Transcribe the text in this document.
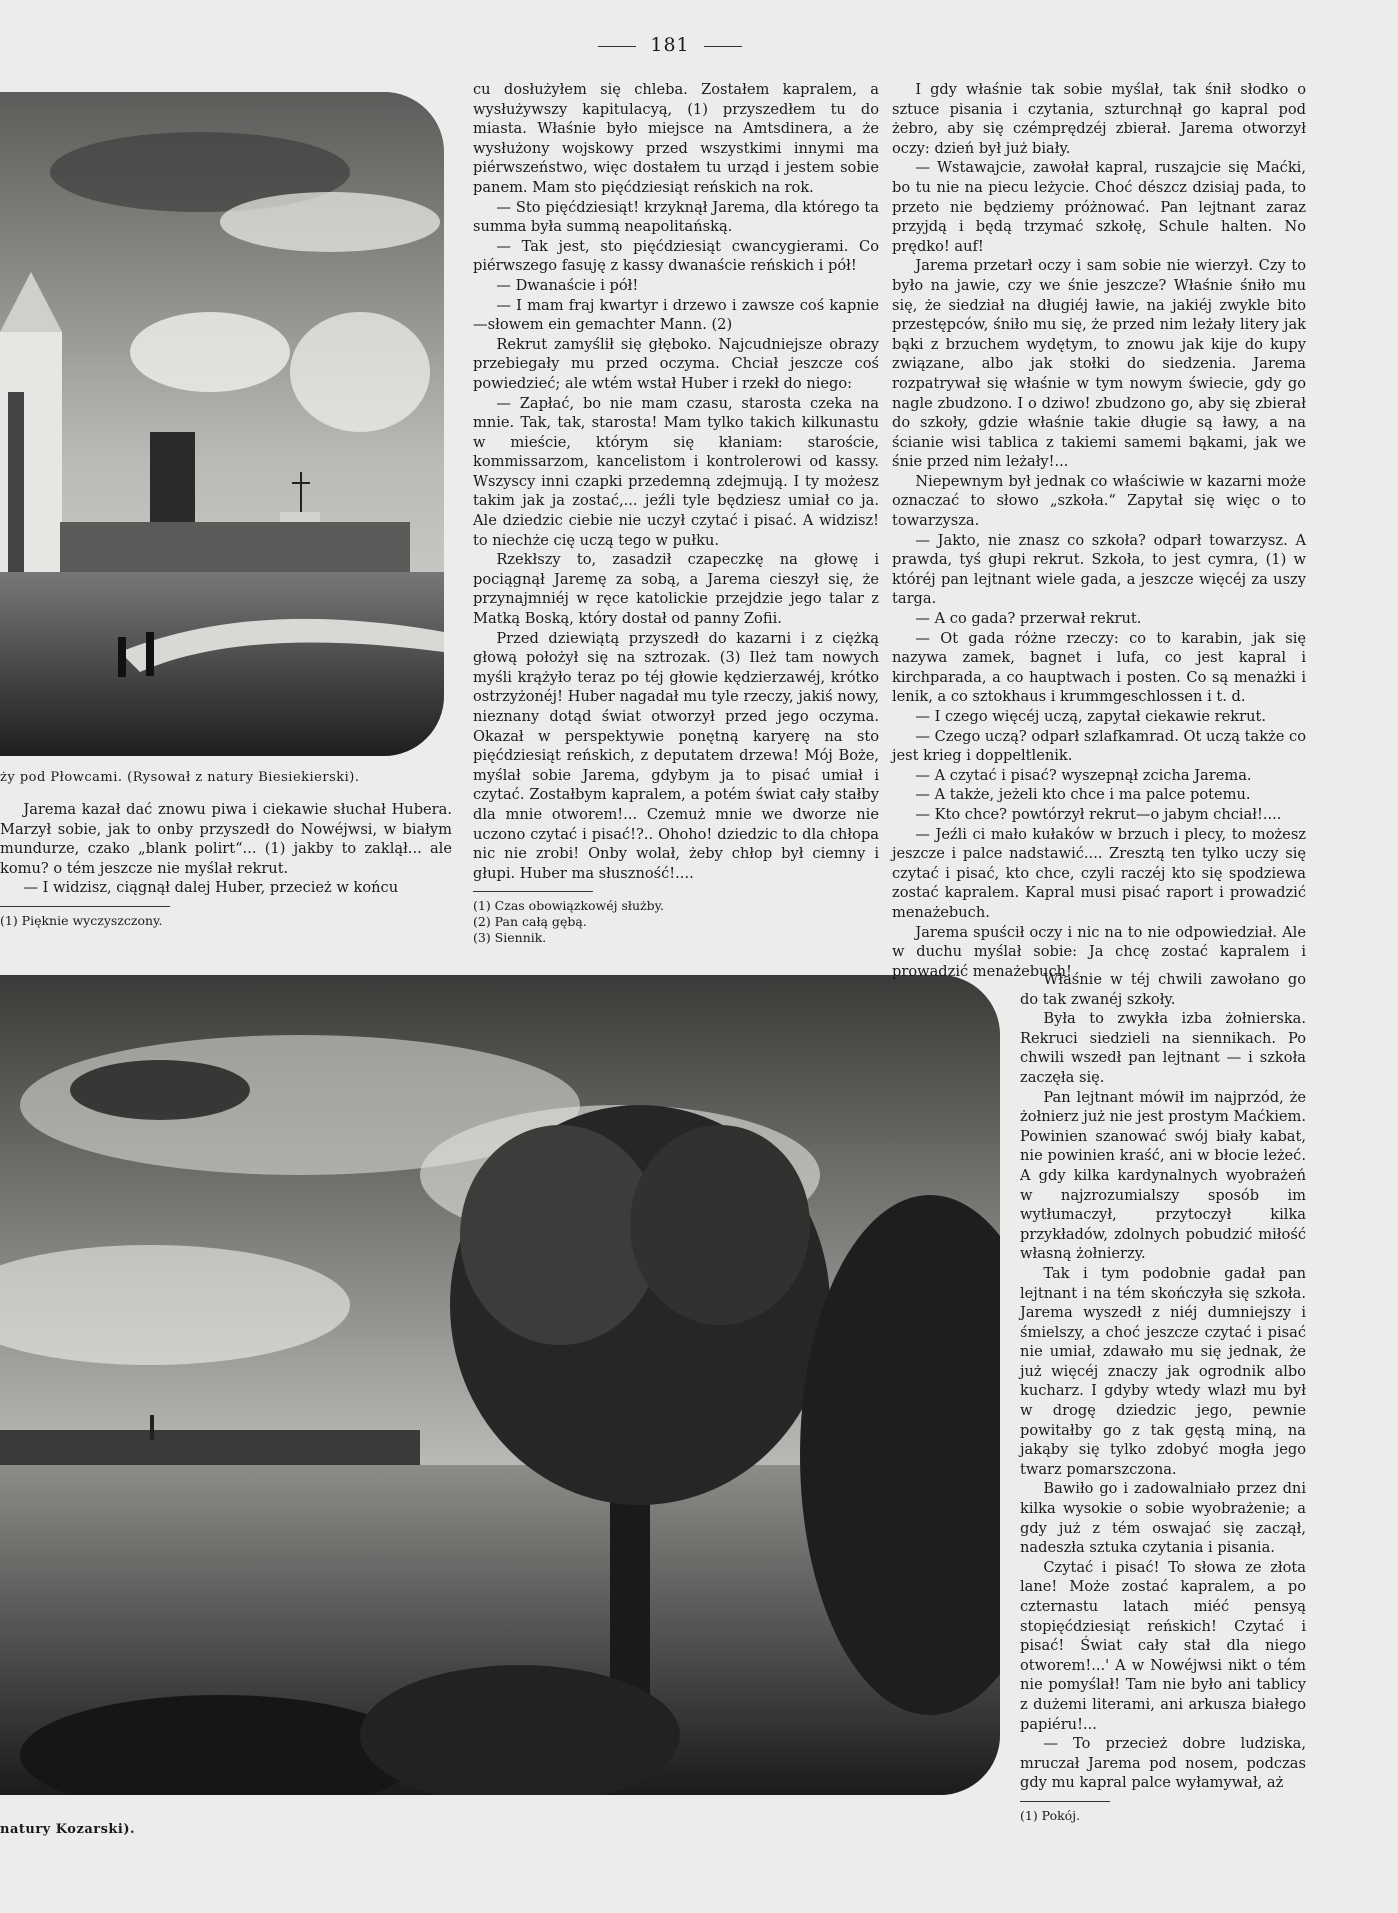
181
ży pod Płowcami. (Rysował z natury Biesiekierski).
natury Kozarski).

Jarema kazał dać znowu piwa i ciekawie słuchał Hubera. Marzył sobie, jak to onby przyszedł do Nowéjwsi, w białym mundurze, czako „blank polirt“... (1) jakby to zaklął... ale komu? o tém jeszcze nie myślał rekrut.

— I widzisz, ciągnął dalej Huber, przecież w końcu

(1) Pięknie wyczyszczony.

cu dosłużyłem się chleba. Zostałem kapralem, a wysłużywszy kapitulacyą, (1) przyszedłem tu do miasta. Właśnie było miejsce na Amtsdinera, a że wysłużony wojskowy przed wszystkimi innymi ma piérwszeństwo, więc dostałem tu urząd i jestem sobie panem. Mam sto pięćdziesiąt reńskich na rok.

— Sto pięćdziesiąt! krzyknął Jarema, dla którego ta summa była summą neapolitańską.

— Tak jest, sto pięćdziesiąt cwancygierami. Co piérwszego fasuję z kassy dwanaście reńskich i pół!

— Dwanaście i pół!

— I mam fraj kwartyr i drzewo i zawsze coś kapnie—słowem ein gemachter Mann. (2)

Rekrut zamyślił się głęboko. Najcudniejsze obrazy przebiegały mu przed oczyma. Chciał jeszcze coś powiedzieć; ale wtém wstał Huber i rzekł do niego:

— Zapłać, bo nie mam czasu, starosta czeka na mnie. Tak, tak, starosta! Mam tylko takich kilkunastu w mieście, którym się kłaniam: staroście, kommissarzom, kancelistom i kontrolerowi od kassy. Wszyscy inni czapki przedemną zdejmują. I ty możesz takim jak ja zostać,... jeźli tyle będziesz umiał co ja. Ale dziedzic ciebie nie uczył czytać i pisać. A widzisz! to niechże cię uczą tego w pułku.

Rzekłszy to, zasadził czapeczkę na głowę i pociągnął Jaremę za sobą, a Jarema cieszył się, że przynajmniéj w ręce katolickie przejdzie jego talar z Matką Boską, który dostał od panny Zofii.

Przed dziewiątą przyszedł do kazarni i z ciężką głową położył się na sztrozak. (3) Ileż tam nowych myśli krążyło teraz po téj głowie kędzierzawéj, krótko ostrzyżonéj! Huber nagadał mu tyle rzeczy, jakiś nowy, nieznany dotąd świat otworzył przed jego oczyma. Okazał w perspektywie ponętną karyerę na sto pięćdziesiąt reńskich, z deputatem drzewa! Mój Boże, myślał sobie Jarema, gdybym ja to pisać umiał i czytać. Zostałbym kapralem, a potém świat cały stałby dla mnie otworem!... Czemuż mnie we dworze nie uczono czytać i pisać!?.. Ohoho! dziedzic to dla chłopa nic nie zrobi! Onby wolał, żeby chłop był ciemny i głupi. Huber ma słuszność!....

(1) Czas obowiązkowéj służby.

(2) Pan całą gębą.

(3) Siennik.

I gdy właśnie tak sobie myślał, tak śnił słodko o sztuce pisania i czytania, szturchnął go kapral pod żebro, aby się czémprędzéj zbierał. Jarema otworzył oczy: dzień był już biały.

— Wstawajcie, zawołał kapral, ruszajcie się Maćki, bo tu nie na piecu leżycie. Choć dészcz dzisiaj pada, to przeto nie będziemy próżnować. Pan lejtnant zaraz przyjdą i będą trzymać szkołę, Schule halten. No prędko! auf!

Jarema przetarł oczy i sam sobie nie wierzył. Czy to było na jawie, czy we śnie jeszcze? Właśnie śniło mu się, że siedział na długiéj ławie, na jakiéj zwykle bito przestępców, śniło mu się, że przed nim leżały litery jak bąki z brzuchem wydętym, to znowu jak kije do kupy związane, albo jak stołki do siedzenia. Jarema rozpatrywał się właśnie w tym nowym świecie, gdy go nagle zbudzono. I o dziwo! zbudzono go, aby się zbierał do szkoły, gdzie właśnie takie długie są ławy, a na ścianie wisi tablica z takiemi samemi bąkami, jak we śnie przed nim leżały!...

Niepewnym był jednak co właściwie w kazarni może oznaczać to słowo „szkoła.“ Zapytał się więc o to towarzysza.

— Jakto, nie znasz co szkoła? odparł towarzysz. A prawda, tyś głupi rekrut. Szkoła, to jest cymra, (1) w któréj pan lejtnant wiele gada, a jeszcze więcéj za uszy targa.

— A co gada? przerwał rekrut.

— Ot gada różne rzeczy: co to karabin, jak się nazywa zamek, bagnet i lufa, co jest kapral i kirchparada, a co hauptwach i posten. Co są menażki i lenik, a co sztokhaus i krummgeschlossen i t. d.

— I czego więcéj uczą, zapytał ciekawie rekrut.

— Czego uczą? odparł szlafkamrad. Ot uczą także co jest krieg i doppeltlenik.

— A czytać i pisać? wyszepnął zcicha Jarema.

— A także, jeżeli kto chce i ma palce potemu.

— Kto chce? powtórzył rekrut—o jabym chciał!....

— Jeźli ci mało kułaków w brzuch i plecy, to możesz jeszcze i palce nadstawić.... Zresztą ten tylko uczy się czytać i pisać, kto chce, czyli raczéj kto się spodziewa zostać kapralem. Kapral musi pisać raport i prowadzić menażebuch.

Jarema spuścił oczy i nic na to nie odpowiedział. Ale w duchu myślał sobie: Ja chcę zostać kapralem i prowadzić menażebuch!

Właśnie w téj chwili zawołano go do tak zwanéj szkoły.

Była to zwykła izba żołnierska. Rekruci siedzieli na siennikach. Po chwili wszedł pan lejtnant — i szkoła zaczęła się.

Pan lejtnant mówił im najprzód, że żołnierz już nie jest prostym Maćkiem. Powinien szanować swój biały kabat, nie powinien kraść, ani w błocie leżeć. A gdy kilka kardynalnych wyobrażeń w najzrozumialszy sposób im wytłumaczył, przytoczył kilka przykładów, zdolnych pobudzić miłość własną żołnierzy.

Tak i tym podobnie gadał pan lejtnant i na tém skończyła się szkoła. Jarema wyszedł z niéj dumniejszy i śmielszy, a choć jeszcze czytać i pisać nie umiał, zdawało mu się jednak, że już więcéj znaczy jak ogrodnik albo kucharz. I gdyby wtedy wlazł mu był w drogę dziedzic jego, pewnie powitałby go z tak gęstą miną, na jakąby się tylko zdobyć mogła jego twarz pomarszczona.

Bawiło go i zadowalniało przez dni kilka wysokie o sobie wyobrażenie; a gdy już z tém oswajać się zaczął, nadeszła sztuka czytania i pisania.

Czytać i pisać! To słowa ze złota lane! Może zostać kapralem, a po czternastu latach miéć pensyą stopięćdziesiąt reńskich! Czytać i pisać! Świat cały stał dla niego otworem!...' A w Nowéjwsi nikt o tém nie pomyślał! Tam nie było ani tablicy z dużemi literami, ani arkusza białego papiéru!...

— To przecież dobre ludziska, mruczał Jarema pod nosem, podczas gdy mu kapral palce wyłamywał, aż

(1) Pokój.
